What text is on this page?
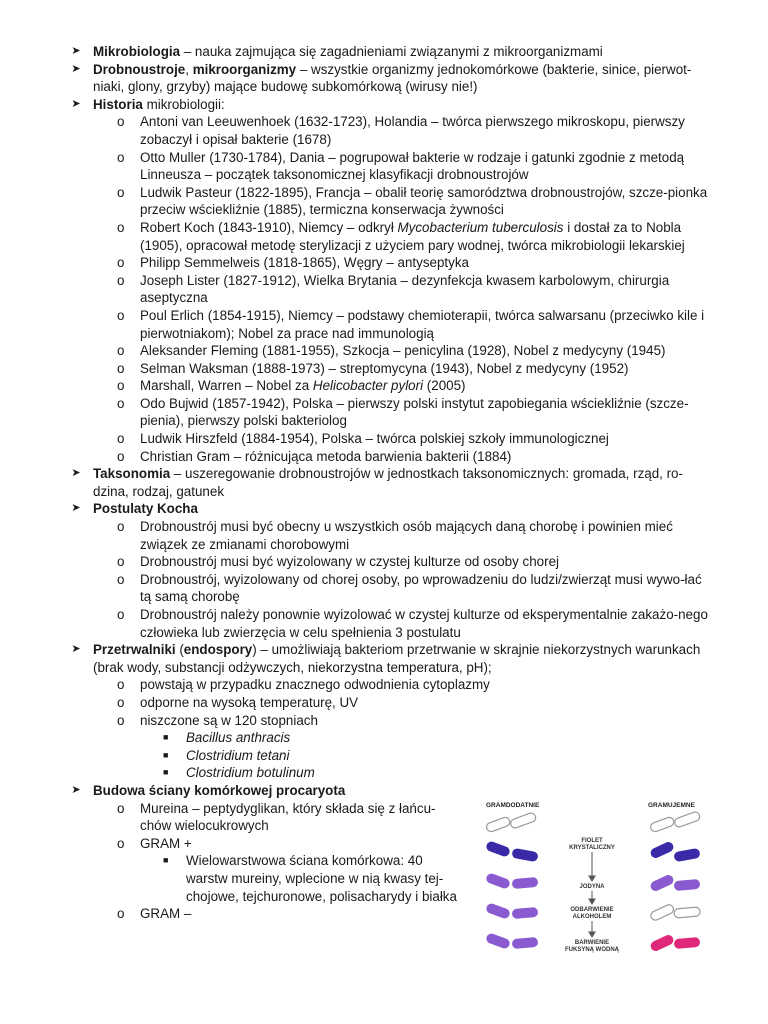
➤ Mikrobiologia – nauka zajmująca się zagadnieniami związanymi z mikroorganizmami
➤ Drobnoustroje, mikroorganizmy – wszystkie organizmy jednokomórkowe (bakterie, sinice, pierwot-niaki, glony, grzyby) mające budowę subkomórkową (wirusy nie!)
➤ Historia mikrobiologii:
o Antoni van Leeuwenhoek (1632-1723), Holandia – twórca pierwszego mikroskopu, pierwszy zobaczył i opisał bakterie (1678)
o Otto Muller (1730-1784), Dania – pogrupował bakterie w rodzaje i gatunki zgodnie z metodą Linneusza – początek taksonomicznej klasyfikacji drobnoustrojów
o Ludwik Pasteur (1822-1895), Francja – obalił teorię samorództwa drobnoustrojów, szcze-pionka przeciw wściekliźnie (1885), termiczna konserwacja żywności
o Robert Koch (1843-1910), Niemcy – odkrył Mycobacterium tuberculosis i dostał za to Nobla (1905), opracował metodę sterylizacji z użyciem pary wodnej, twórca mikrobiologii lekarskiej
o Philipp Semmelweis (1818-1865), Węgry – antyseptyka
o Joseph Lister (1827-1912), Wielka Brytania – dezynfekcja kwasem karbolowym, chirurgia aseptyczna
o Poul Erlich (1854-1915), Niemcy – podstawy chemioterapii, twórca salwarsanu (przeciwko kile i pierwotniakom); Nobel za prace nad immunologią
o Aleksander Fleming (1881-1955), Szkocja – penicylina (1928), Nobel z medycyny (1945)
o Selman Waksman (1888-1973) – streptomycyna (1943), Nobel z medycyny (1952)
o Marshall, Warren – Nobel za Helicobacter pylori (2005)
o Odo Bujwid (1857-1942), Polska – pierwszy polski instytut zapobiegania wściekliźnie (szcze-pienia), pierwszy polski bakteriolog
o Ludwik Hirszfeld (1884-1954), Polska – twórca polskiej szkoły immunologicznej
o Christian Gram – różnicująca metoda barwienia bakterii (1884)
➤ Taksonomia – uszeregowanie drobnoustrojów w jednostkach taksonomicznych: gromada, rząd, ro-dzina, rodzaj, gatunek
➤ Postulaty Kocha
o Drobnoustrój musi być obecny u wszystkich osób mających daną chorobę i powinien mieć związek ze zmianami chorobowymi
o Drobnoustrój musi być wyizolowany w czystej kulturze od osoby chorej
o Drobnoustrój, wyizolowany od chorej osoby, po wprowadzeniu do ludzi/zwierząt musi wywo-łać tą samą chorobę
o Drobnoustrój należy ponownie wyizolować w czystej kulturze od eksperymentalnie zakażo-nego człowieka lub zwierzęcia w celu spełnienia 3 postulatu
➤ Przetrwalniki (endospory) – umożliwiają bakteriom przetrwanie w skrajnie niekorzystnych warunkach (brak wody, substancji odżywczych, niekorzystna temperatura, pH);
o powstają w przypadku znacznego odwodnienia cytoplazmy
o odporne na wysoką temperaturę, UV
o niszczone są w 120 stopniach
■ Bacillus anthracis
■ Clostridium tetani
■ Clostridium botulinum
➤ Budowa ściany komórkowej procaryota
o Mureina – peptydyglikan, który składa się z łańcu-chów wielocukrowych
o GRAM +
■ Wielowarstwowa ściana komórkowa: 40 warstw mureiny, wplecione w nią kwasy tej-chojowe, tejchuronowe, polisacharydy i białka
o GRAM –
GRAMDODATNIE	GRAMUJEMNE
FIOLET
KRYSTALICZNY
JODYNA
ODBARWIENIE
ALKOHOLEM
BARWIENIE
FUKSYNĄ WODNĄ
